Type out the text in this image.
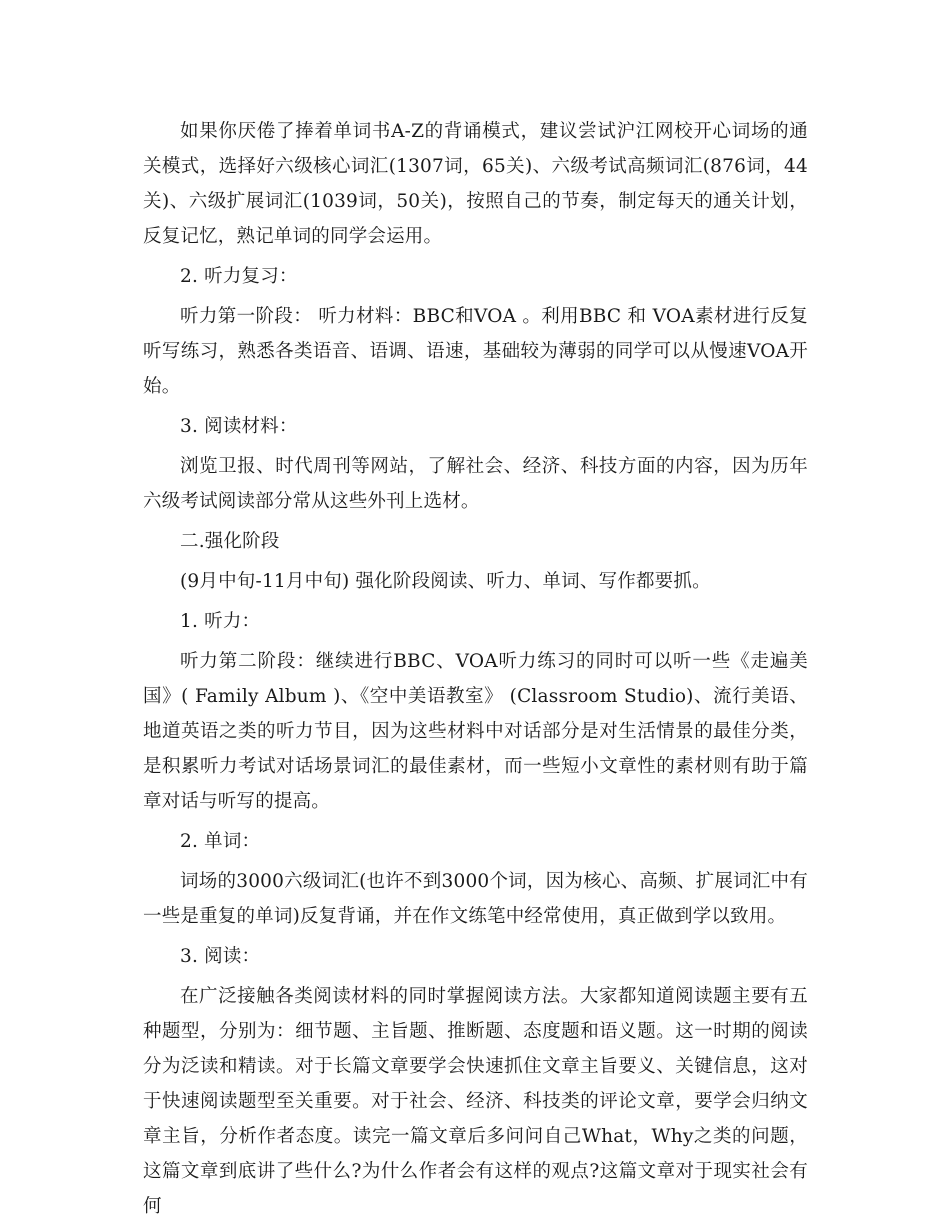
如果你厌倦了捧着单词书A-Z的背诵模式，建议尝试沪江网校开心词场的通关模式，选择好六级核心词汇(1307词，65关)、六级考试高频词汇(876词，44关)、六级扩展词汇(1039词，50关)，按照自己的节奏，制定每天的通关计划，反复记忆，熟记单词的同学会运用。

2. 听力复习：

听力第一阶段： 听力材料：BBC和VOA 。利用BBC 和 VOA素材进行反复听写练习，熟悉各类语音、语调、语速，基础较为薄弱的同学可以从慢速VOA开始。

3. 阅读材料：

浏览卫报、时代周刊等网站，了解社会、经济、科技方面的内容，因为历年六级考试阅读部分常从这些外刊上选材。

二.强化阶段

(9月中旬-11月中旬) 强化阶段阅读、听力、单词、写作都要抓。

1. 听力：

听力第二阶段：继续进行BBC、VOA听力练习的同时可以听一些《走遍美国》( Family Album )、《空中美语教室》 (Classroom Studio)、流行美语、地道英语之类的听力节目，因为这些材料中对话部分是对生活情景的最佳分类，是积累听力考试对话场景词汇的最佳素材，而一些短小文章性的素材则有助于篇章对话与听写的提高。

2. 单词：

词场的3000六级词汇(也许不到3000个词，因为核心、高频、扩展词汇中有一些是重复的单词)反复背诵，并在作文练笔中经常使用，真正做到学以致用。

3. 阅读：

在广泛接触各类阅读材料的同时掌握阅读方法。大家都知道阅读题主要有五种题型，分别为：细节题、主旨题、推断题、态度题和语义题。这一时期的阅读分为泛读和精读。对于长篇文章要学会快速抓住文章主旨要义、关键信息，这对于快速阅读题型至关重要。对于社会、经济、科技类的评论文章，要学会归纳文章主旨，分析作者态度。读完一篇文章后多问问自己What，Why之类的问题，这篇文章到底讲了些什么?为什么作者会有这样的观点?这篇文章对于现实社会有何
